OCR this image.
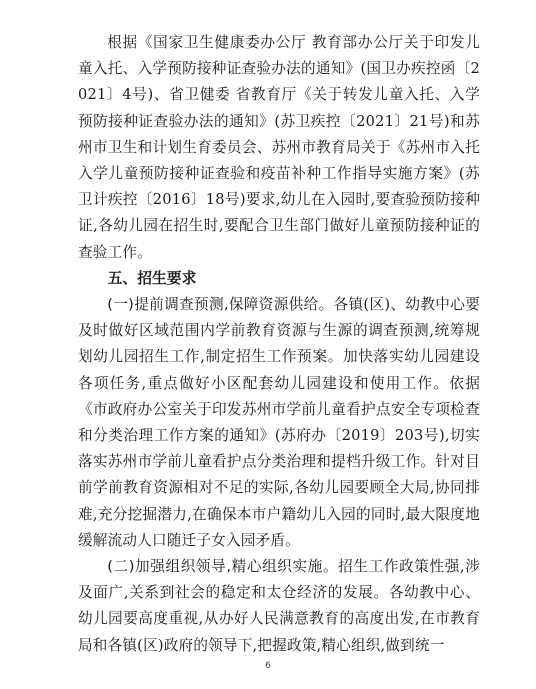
根据《国家卫生健康委办公厅 教育部办公厅关于印发儿童入托、入学预防接种证查验办法的通知》(国卫办疾控函〔2021〕4号)、省卫健委 省教育厅《关于转发儿童入托、入学预防接种证查验办法的通知》(苏卫疾控〔2021〕21号)和苏州市卫生和计划生育委员会、苏州市教育局关于《苏州市入托入学儿童预防接种证查验和疫苗补种工作指导实施方案》(苏卫计疾控〔2016〕18号)要求,幼儿在入园时,要查验预防接种证,各幼儿园在招生时,要配合卫生部门做好儿童预防接种证的查验工作。

五、招生要求

(一)提前调查预测,保障资源供给。各镇(区)、幼教中心要及时做好区域范围内学前教育资源与生源的调查预测,统筹规划幼儿园招生工作,制定招生工作预案。加快落实幼儿园建设各项任务,重点做好小区配套幼儿园建设和使用工作。依据《市政府办公室关于印发苏州市学前儿童看护点安全专项检查和分类治理工作方案的通知》(苏府办〔2019〕203号),切实落实苏州市学前儿童看护点分类治理和提档升级工作。针对目前学前教育资源相对不足的实际,各幼儿园要顾全大局,协同排难,充分挖掘潜力,在确保本市户籍幼儿入园的同时,最大限度地缓解流动人口随迁子女入园矛盾。

(二)加强组织领导,精心组织实施。招生工作政策性强,涉及面广,关系到社会的稳定和太仓经济的发展。各幼教中心、幼儿园要高度重视,从办好人民满意教育的高度出发,在市教育局和各镇(区)政府的领导下,把握政策,精心组织,做到统一

6
